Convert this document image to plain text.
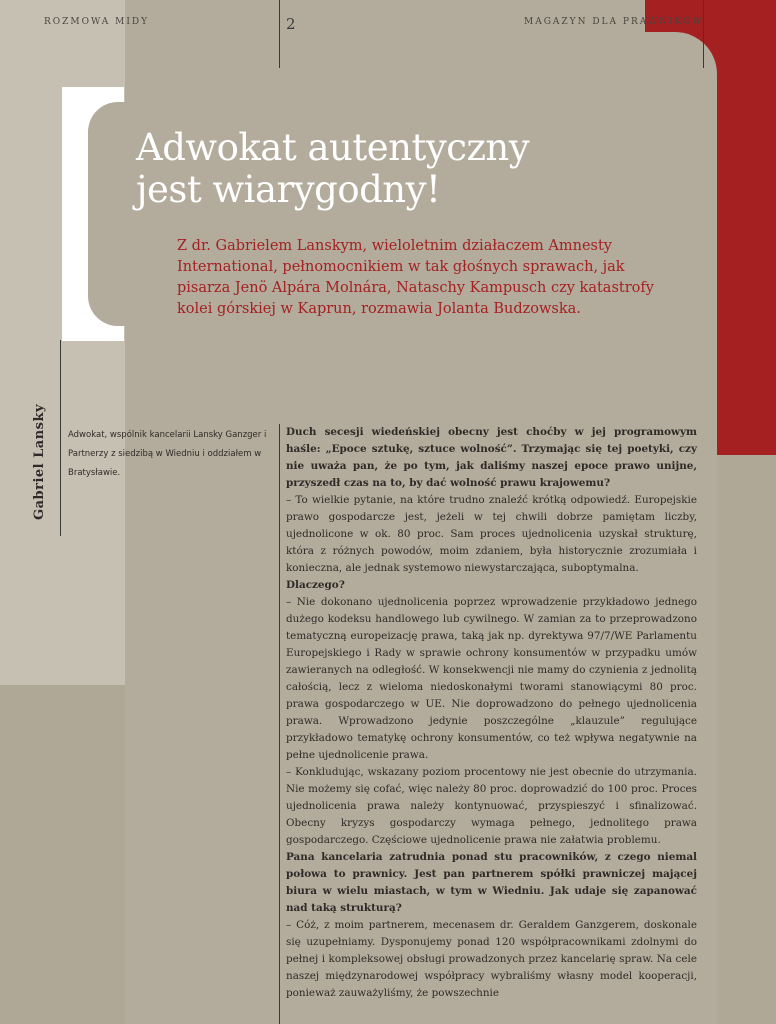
ROZMOWA MIDY	2	MAGAZYN DLA PRAWNIKÓW
Adwokat autentyczny
jest wiarygodny!
Z dr. Gabrielem Lanskym, wieloletnim działaczem Amnesty International, pełnomocnikiem w tak głośnych sprawach, jak pisarza Jenö Alpára Molnára, Nataschy Kampusch czy katastrofy kolei górskiej w Kaprun, rozmawia Jolanta Budzowska.
Gabriel Lansky Adwokat, wspólnik kancelarii Lansky Ganzger i Partnerzy z siedzibą w Wiedniu i oddziałem w Bratysławie.

Duch secesji wiedeńskiej obecny jest choćby w jej programowym haśle: „Epoce sztukę, sztuce wolność”. Trzymając się tej poetyki, czy nie uważa pan, że po tym, jak daliśmy naszej epoce prawo unijne, przyszedł czas na to, by dać wolność prawu krajowemu?

– To wielkie pytanie, na które trudno znaleźć krótką odpowiedź. Europejskie prawo gospodarcze jest, jeżeli w tej chwili dobrze pamiętam liczby, ujednolicone w ok. 80 proc. Sam proces ujednolicenia uzyskał strukturę, która z różnych powodów, moim zdaniem, była historycznie zrozumiała i konieczna, ale jednak systemowo niewystarczająca, suboptymalna.

Dlaczego?

– Nie dokonano ujednolicenia poprzez wprowadzenie przykładowo jednego dużego kodeksu handlowego lub cywilnego. W zamian za to przeprowadzono tematyczną europeizację prawa, taką jak np. dyrektywa 97/7/WE Parlamentu Europejskiego i Rady w sprawie ochrony konsumentów w przypadku umów zawieranych na odległość. W konsekwencji nie mamy do czynienia z jednolitą całością, lecz z wieloma niedoskonałymi tworami stanowiącymi 80 proc. prawa gospodarczego w UE. Nie doprowadzono do pełnego ujednolicenia prawa. Wprowadzono jedynie poszczególne „klauzule” regulujące przykładowo tematykę ochrony konsumentów, co też wpływa negatywnie na pełne ujednolicenie prawa.

– Konkludując, wskazany poziom procentowy nie jest obecnie do utrzymania. Nie możemy się cofać, więc należy 80 proc. doprowadzić do 100 proc. Proces ujednolicenia prawa należy kontynuować, przyspieszyć i sfinalizować. Obecny kryzys gospodarczy wymaga pełnego, jednolitego prawa gospodarczego. Częściowe ujednolicenie prawa nie załatwia problemu.

Pana kancelaria zatrudnia ponad stu pracowników, z czego niemal połowa to prawnicy. Jest pan partnerem spółki prawniczej mającej biura w wielu miastach, w tym w Wiedniu. Jak udaje się zapanować nad taką strukturą?

– Cóż, z moim partnerem, mecenasem dr. Geraldem Ganzgerem, doskonale się uzupełniamy. Dysponujemy ponad 120 współpracownikami zdolnymi do pełnej i kompleksowej obsługi prowadzonych przez kancelarię spraw. Na cele naszej międzynarodowej współpracy wybraliśmy własny model kooperacji, ponieważ zauważyliśmy, że powszechnie
